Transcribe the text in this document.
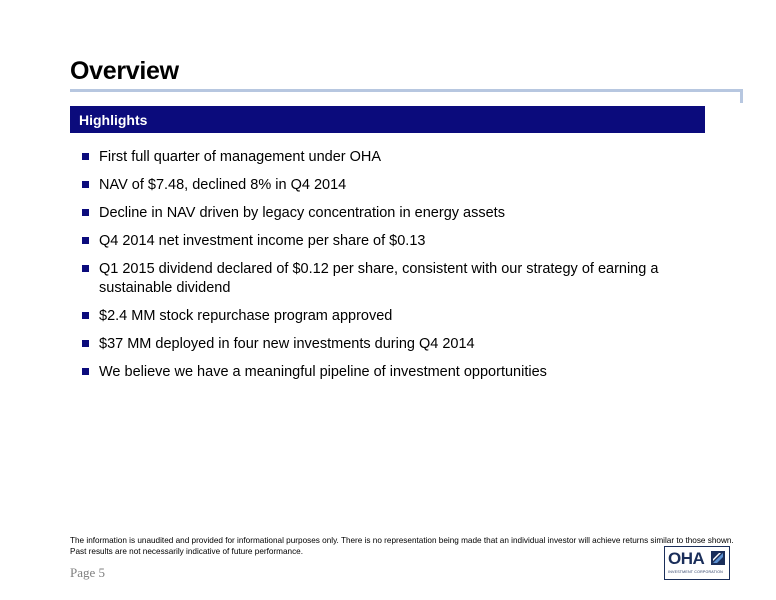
Overview
Highlights
First full quarter of management under OHA
NAV of $7.48, declined 8% in Q4 2014
Decline in NAV driven by legacy concentration in energy assets
Q4 2014 net investment income per share of $0.13
Q1 2015 dividend declared of $0.12 per share, consistent with our strategy of earning a sustainable dividend
$2.4 MM stock repurchase program approved
$37 MM deployed in four new investments during Q4 2014
We believe we have a meaningful pipeline of investment opportunities
The information is unaudited and provided for informational purposes only. There is no representation being made that an individual investor will achieve returns similar to those shown. Past results are not necessarily indicative of future performance.
Page 5
OHA
INVESTMENT CORPORATION
